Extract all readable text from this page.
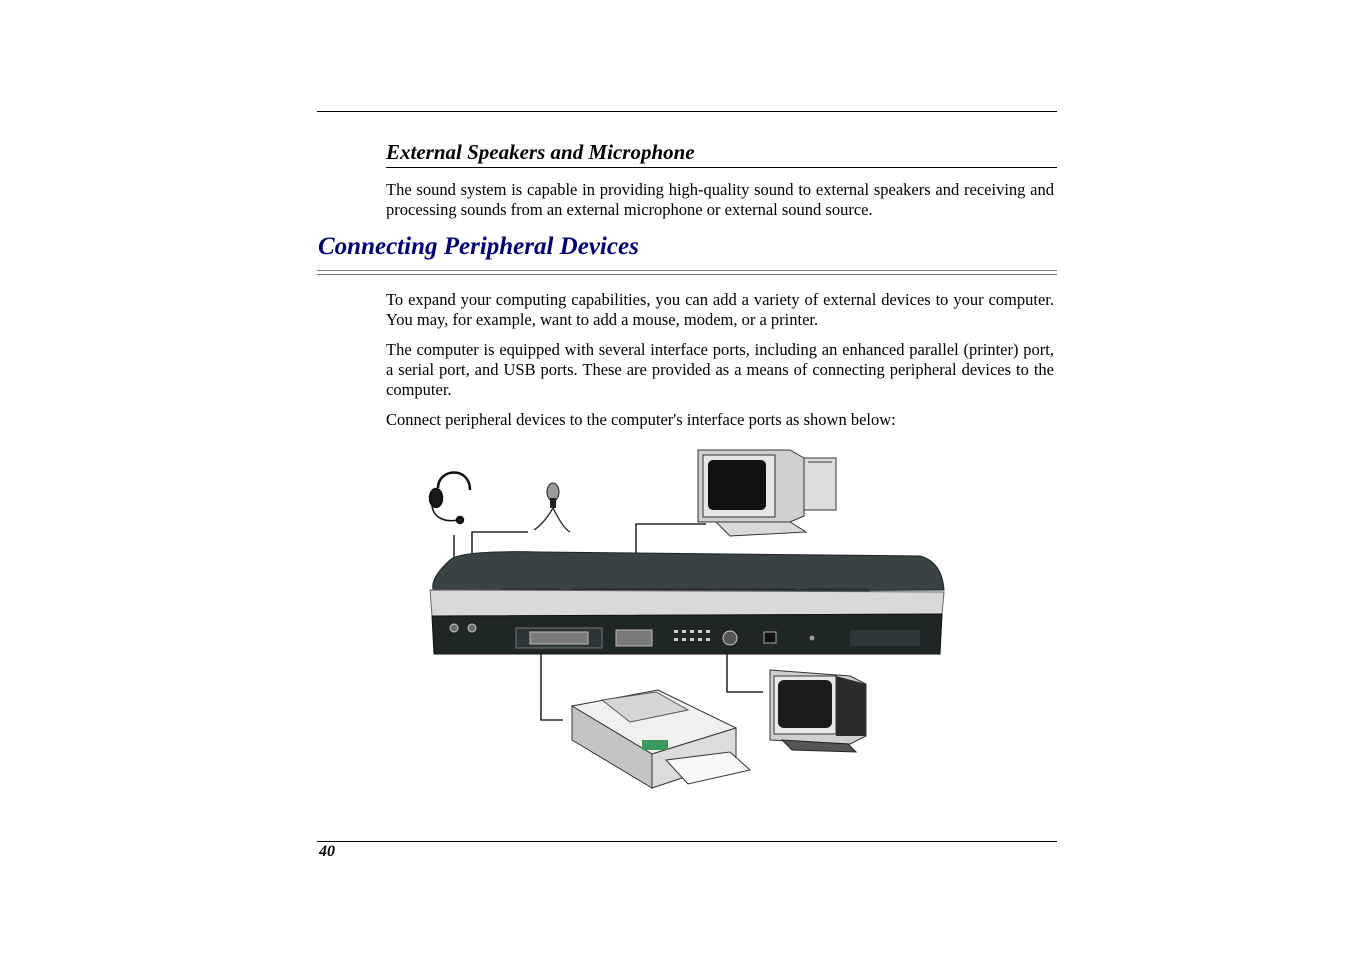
External Speakers and Microphone

The sound system is capable in providing high-quality sound to external speakers and receiving and processing sounds from an external microphone or external sound source.

Connecting Peripheral Devices

To expand your computing capabilities, you can add a variety of external devices to your computer. You may, for example, want to add a mouse, modem, or a printer.

The computer is equipped with several interface ports, including an enhanced parallel (printer) port, a serial port, and USB ports. These are provided as a means of connecting peripheral devices to the computer.

Connect peripheral devices to the computer's interface ports as shown below:

40
